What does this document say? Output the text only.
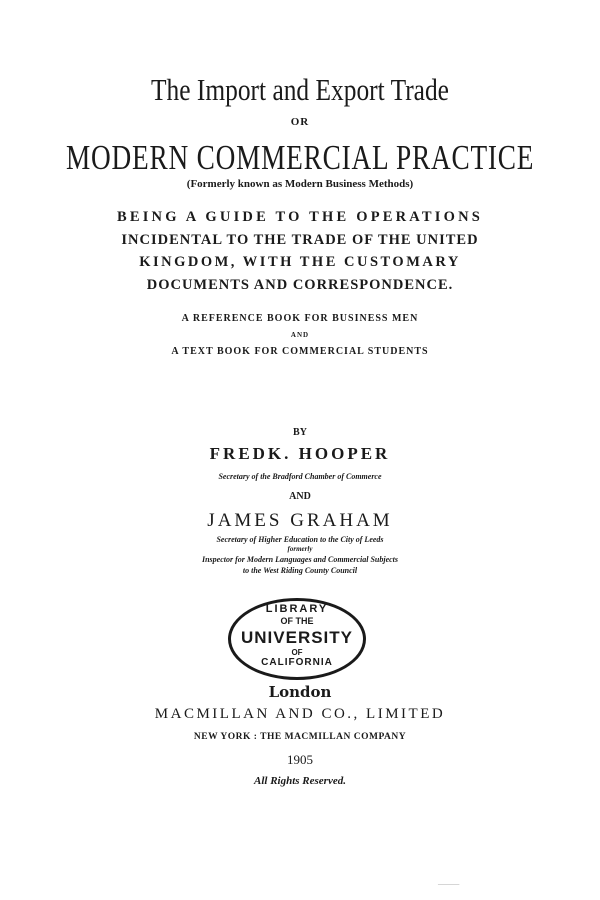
The Import and Export Trade
OR
MODERN COMMERCIAL PRACTICE
(Formerly known as Modern Business Methods)
BEING A GUIDE TO THE OPERATIONS
INCIDENTAL TO THE TRADE OF THE UNITED
KINGDOM, WITH THE CUSTOMARY
DOCUMENTS AND CORRESPONDENCE.
A REFERENCE BOOK FOR BUSINESS MEN
AND
A TEXT BOOK FOR COMMERCIAL STUDENTS
BY
FREDK. HOOPER
Secretary of the Bradford Chamber of Commerce
AND
JAMES GRAHAM
Secretary of Higher Education to the City of Leeds
formerly
Inspector for Modern Languages and Commercial Subjects
to the West Riding County Council
LIBRARY
OF THE
UNIVERSITY
OF
CALIFORNIA
London
MACMILLAN AND CO., LIMITED
NEW YORK : THE MACMILLAN COMPANY
1905
All Rights Reserved.
——
